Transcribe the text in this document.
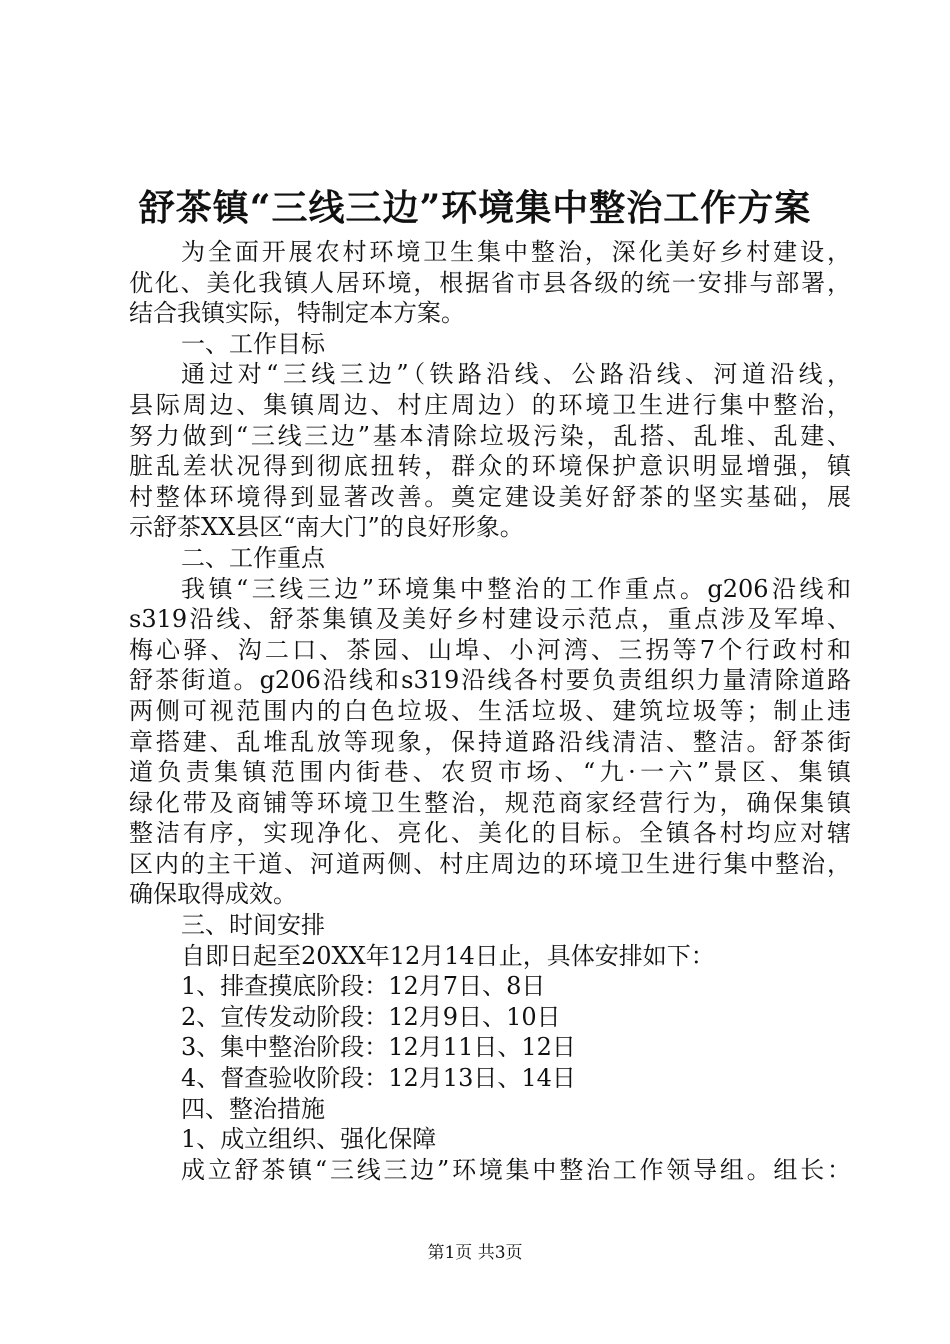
舒茶镇“三线三边”环境集中整治工作方案
为全面开展农村环境卫生集中整治，深化美好乡村建设，
优化、美化我镇人居环境，根据省市县各级的统一安排与部署，
结合我镇实际，特制定本方案。
一、工作目标
通过对“三线三边”（铁路沿线、公路沿线、河道沿线，
县际周边、集镇周边、村庄周边）的环境卫生进行集中整治，
努力做到“三线三边”基本清除垃圾污染，乱搭、乱堆、乱建、
脏乱差状况得到彻底扭转，群众的环境保护意识明显增强，镇
村整体环境得到显著改善。奠定建设美好舒茶的坚实基础，展
示舒茶XX县区“南大门”的良好形象。
二、工作重点
我镇“三线三边”环境集中整治的工作重点。g206沿线和
s319沿线、舒茶集镇及美好乡村建设示范点，重点涉及军埠、
梅心驿、沟二口、茶园、山埠、小河湾、三拐等7个行政村和
舒茶街道。g206沿线和s319沿线各村要负责组织力量清除道路
两侧可视范围内的白色垃圾、生活垃圾、建筑垃圾等；制止违
章搭建、乱堆乱放等现象，保持道路沿线清洁、整洁。舒茶街
道负责集镇范围内街巷、农贸市场、“九·一六”景区、集镇
绿化带及商铺等环境卫生整治，规范商家经营行为，确保集镇
整洁有序，实现净化、亮化、美化的目标。全镇各村均应对辖
区内的主干道、河道两侧、村庄周边的环境卫生进行集中整治，
确保取得成效。
三、时间安排
自即日起至20XX年12月14日止，具体安排如下：
1、排查摸底阶段：12月7日、8日
2、宣传发动阶段：12月9日、10日
3、集中整治阶段：12月11日、12日
4、督查验收阶段：12月13日、14日
四、整治措施
1、成立组织、强化保障
成立舒茶镇“三线三边”环境集中整治工作领导组。组长：
第1页 共3页
